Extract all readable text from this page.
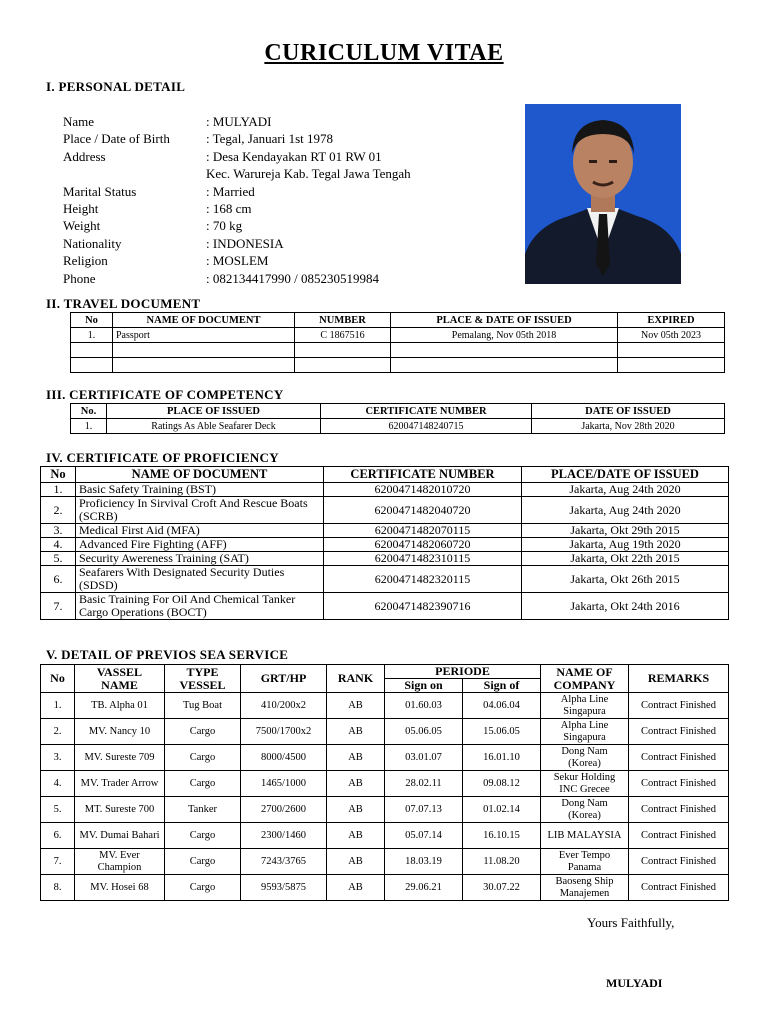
CURICULUM VITAE
I. PERSONAL DETAIL
Name	: MULYADI
Place / Date of Birth	: Tegal, Januari 1st 1978
Address	: Desa Kendayakan RT 01 RW 01
Kec. Warureja Kab. Tegal Jawa Tengah
Marital Status	: Married
Height	: 168 cm
Weight	: 70 kg
Nationality	: INDONESIA
Religion	: MOSLEM
Phone	: 082134417990 / 085230519984
II. TRAVEL DOCUMENT
No	NAME OF DOCUMENT	NUMBER	PLACE & DATE OF ISSUED	EXPIRED
1.	Passport	C 1867516	Pemalang, Nov 05th 2018	Nov 05th 2023

III. CERTIFICATE OF COMPETENCY
No.	PLACE OF ISSUED	CERTIFICATE NUMBER	DATE OF ISSUED
1.	Ratings As Able Seafarer Deck	620047148240715	Jakarta, Nov 28th 2020
IV. CERTIFICATE OF PROFICIENCY
No	NAME OF DOCUMENT	CERTIFICATE NUMBER	PLACE/DATE OF ISSUED
1.	Basic Safety Training (BST)	6200471482010720	Jakarta, Aug 24th 2020
2.	Proficiency In Sirvival Croft And Rescue Boats (SCRB)	6200471482040720	Jakarta, Aug 24th 2020
3.	Medical First Aid (MFA)	6200471482070115	Jakarta, Okt 29th 2015
4.	Advanced Fire Fighting (AFF)	6200471482060720	Jakarta, Aug 19th 2020
5.	Security Awereness Training (SAT)	6200471482310115	Jakarta, Okt 22th 2015
6.	Seafarers With Designated Security Duties (SDSD)	6200471482320115	Jakarta, Okt 26th 2015
7.	Basic Training For Oil And Chemical Tanker Cargo Operations (BOCT)	6200471482390716	Jakarta, Okt 24th 2016
V. DETAIL OF PREVIOS SEA SERVICE
No	VASSEL NAME	TYPE VESSEL	GRT/HP	RANK	PERIODE		NAME OF COMPANY	REMARKS
					Sign on	Sign of		
1.	TB. Alpha 01	Tug Boat	410/200x2	AB	01.60.03	04.06.04	Alpha Line Singapura	Contract Finished
2.	MV. Nancy 10	Cargo	7500/1700x2	AB	05.06.05	15.06.05	Alpha Line Singapura	Contract Finished
3.	MV. Sureste 709	Cargo	8000/4500	AB	03.01.07	16.01.10	Dong Nam (Korea)	Contract Finished
4.	MV. Trader Arrow	Cargo	1465/1000	AB	28.02.11	09.08.12	Sekur Holding INC Grecee	Contract Finished
5.	MT. Sureste 700	Tanker	2700/2600	AB	07.07.13	01.02.14	Dong Nam (Korea)	Contract Finished
6.	MV. Dumai Bahari	Cargo	2300/1460	AB	05.07.14	16.10.15	LIB MALAYSIA	Contract Finished
7.	MV. Ever Champion	Cargo	7243/3765	AB	18.03.19	11.08.20	Ever Tempo Panama	Contract Finished
8.	MV. Hosei 68	Cargo	9593/5875	AB	29.06.21	30.07.22	Baoseng Ship Manajemen	Contract Finished
Yours Faithfully,
MULYADI
